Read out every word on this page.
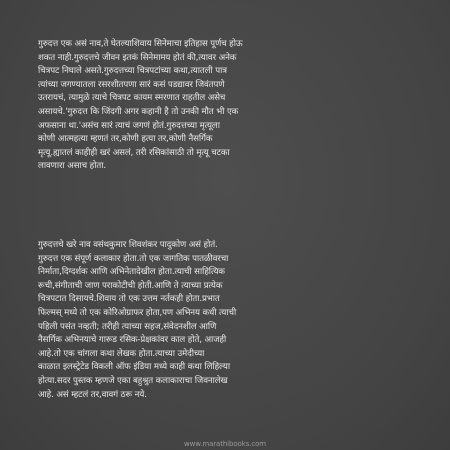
गुरुदत्त एक असं नाव,ते घेतल्याशिवाय सिनेमाचा इतिहास पूर्णच होऊ

शकत नाही.गुरुदत्तचे जीवन इतकं सिनेमामय होतं की,त्यावर अनेक

चित्रपट निघाले असते.गुरुदत्तच्या चित्रपटांच्या कथा,त्यातली पात्र

त्यांच्या जगण्यातला रसरशीतपणा सारं कसं पडद्यावर जिवंतपणे

उतरायचं, त्यामुळे त्याचे चित्रपट कायम स्मरणात राहतील असेच

असायचे.'गुरुदत्त कि जिंदगी अगर कहानी है तो उनकी मौत भी एक

अफसाना था.'असंच सारं त्याचं जगणं होतं.गुरुदत्तच्या मृत्यूला

कोणी आत्महत्या म्हणतं तर,कोणी हत्या तर,कोणी नैसर्गिक

मृत्यू.ह्यातलं काहीही खरं असलं, तरी रसिकांसाठी तो मृत्यू चटका

लावणारा असाच होता.

गुरुदत्तचे खरे नाव वसंथकुमार शिवशंकर पादुकोण असं होतं.

गुरुदत्त एक संपूर्ण कलाकार होता.तो एक जागतिक पातळीवरचा

निर्माता,दिग्दर्शक आणि अभिनेतादेखील होता.त्याची साहित्यिक

रूची,संगीताची जाण पराकोटीची होती.आणि ते त्याच्या प्रत्येक

चित्रपटात दिसायचे.शिवाय तो एक उत्तम नर्तकही होता.प्रभात

फिल्मस् मध्ये तो एक कोरिओग्राफर होता,पण अभिनय कधी त्याची

पहिली पसंत नव्हती; तरीही त्याच्या सहज,संवेदनशील आणि

नैसर्गिक अभिनयाचे गारूड रसिक-प्रेक्षकांवर काल होते, आजही

आहे.तो एक चांगला कथा लेखक होता.त्याच्या उमेदीच्या

काळात इलस्ट्रेटेड विकली ऑफ इंडिया मध्ये काही कथा लिहिल्या

होत्या.सदर पुस्तक म्हणजे एका बहुश्रुत कलाकाराचा जिवनालेख

आहे. असं म्हटलं तर,वावगं ठरू नये.

www.marathibooks.com
